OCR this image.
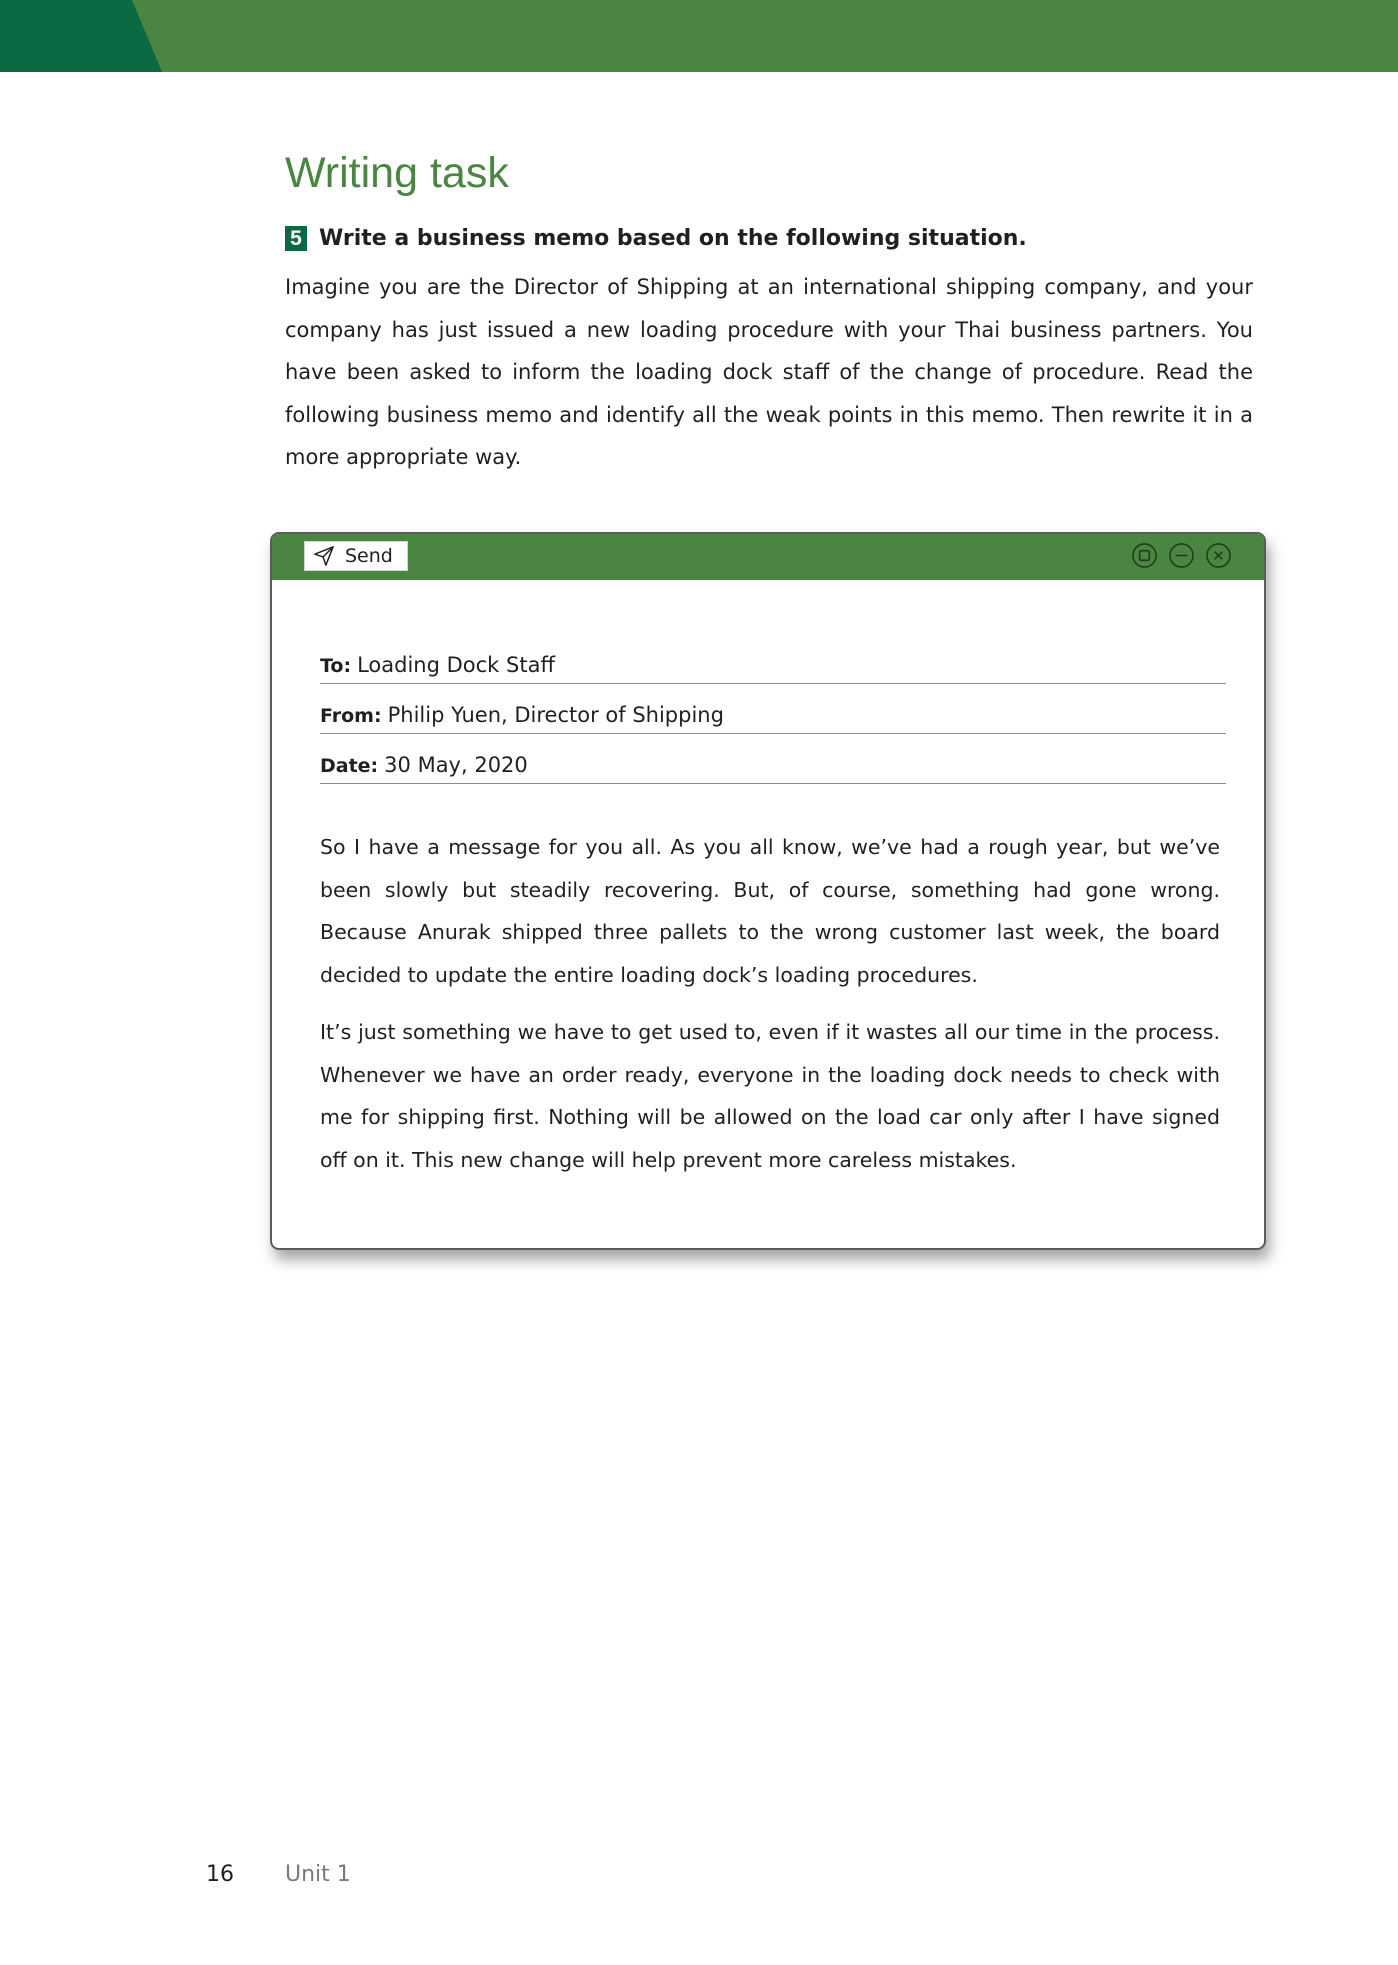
Writing task
5 Write a business memo based on the following situation.

Imagine you are the Director of Shipping at an international shipping company, and your company has just issued a new loading procedure with your Thai business partners. You have been asked to inform the loading dock staff of the change of procedure. Read the following business memo and identify all the weak points in this memo. Then rewrite it in a more appropriate way.

Send
To: Loading Dock Staff
From: Philip Yuen, Director of Shipping
Date: 30 May, 2020

So I have a message for you all. As you all know, we’ve had a rough year, but we’ve been slowly but steadily recovering. But, of course, something had gone wrong. Because Anurak shipped three pallets to the wrong customer last week, the board decided to update the entire loading dock’s loading procedures.

It’s just something we have to get used to, even if it wastes all our time in the process. Whenever we have an order ready, everyone in the loading dock needs to check with me for shipping first. Nothing will be allowed on the load car only after I have signed off on it. This new change will help prevent more careless mistakes.

16 Unit 1
